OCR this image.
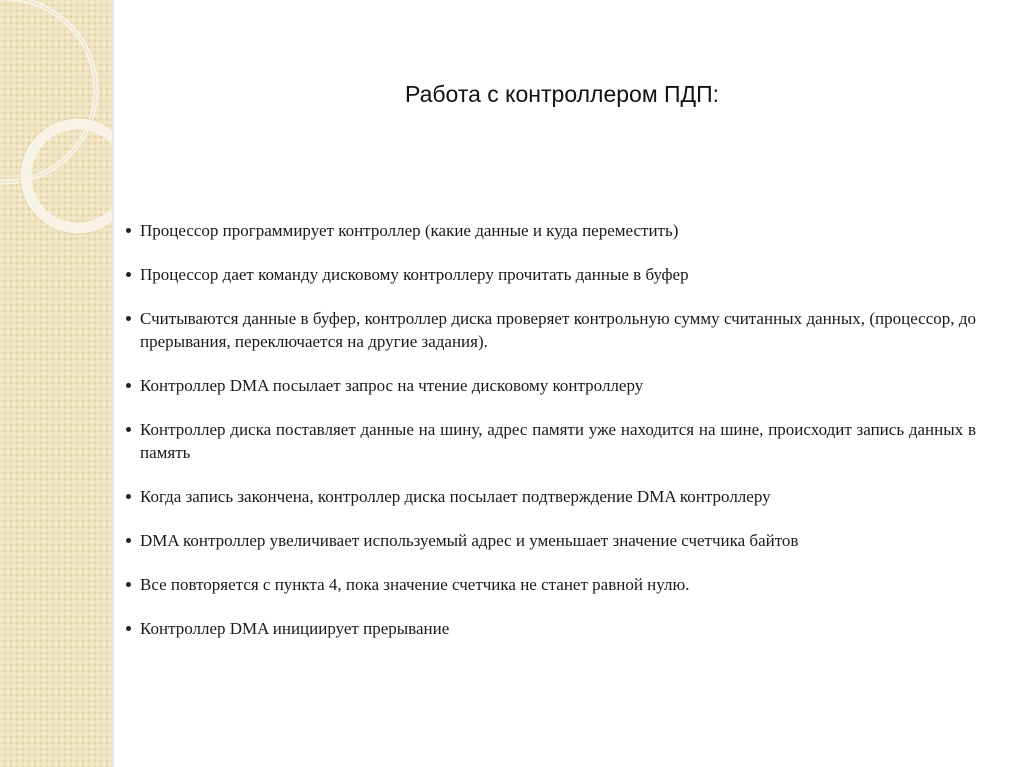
Работа с контроллером ПДП:
Процессор программирует контроллер (какие данные и куда переместить)
Процессор дает команду дисковому контроллеру прочитать данные в буфер
Считываются данные в буфер, контроллер диска проверяет контрольную сумму считанных данных, (процессор, до прерывания, переключается на другие задания).
Контроллер DMA посылает запрос на чтение дисковому контроллеру
Контроллер диска поставляет данные на шину, адрес памяти уже находится на шине, происходит запись данных в память
Когда запись закончена, контроллер диска посылает подтверждение DMA контроллеру
DMA контроллер увеличивает используемый адрес и уменьшает значение счетчика байтов
Все повторяется с пункта 4, пока значение счетчика не станет равной нулю.
Контроллер DMA инициирует прерывание
